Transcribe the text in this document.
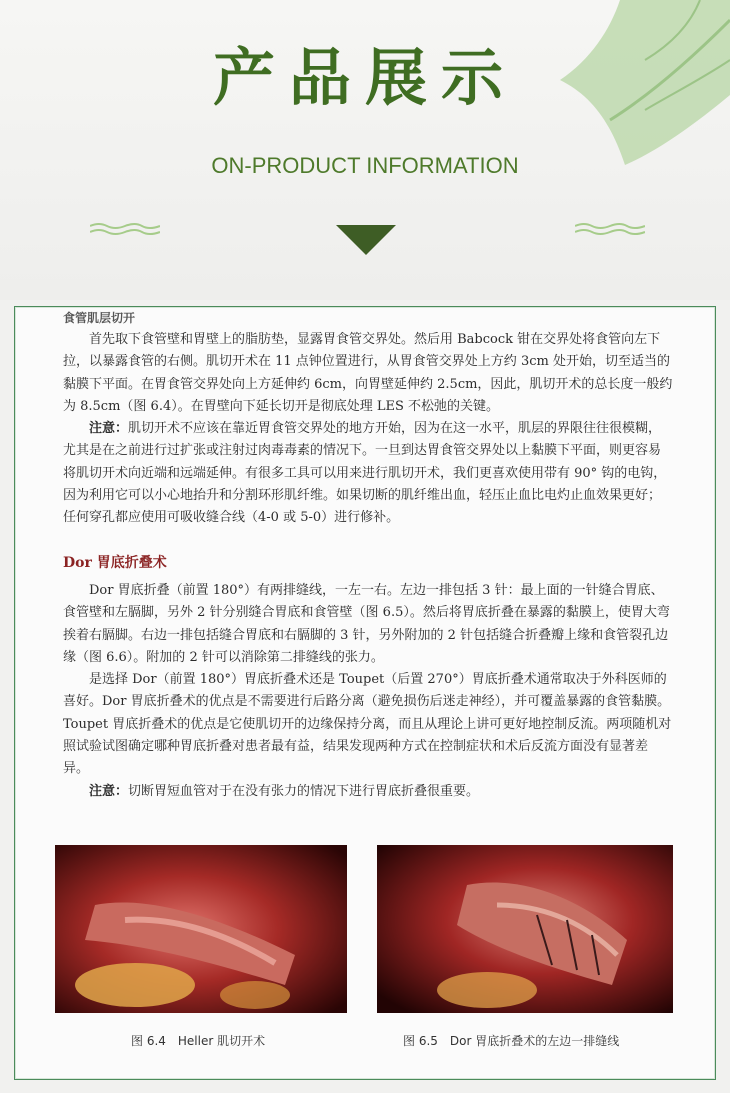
产品展示
ON-PRODUCT INFORMATION
食管肌层切开

首先取下食管壁和胃壁上的脂肪垫，显露胃食管交界处。然后用 Babcock 钳在交界处将食管向左下拉，以暴露食管的右侧。肌切开术在 11 点钟位置进行，从胃食管交界处上方约 3cm 处开始，切至适当的黏膜下平面。在胃食管交界处向上方延伸约 6cm，向胃壁延伸约 2.5cm，因此，肌切开术的总长度一般约为 8.5cm（图 6.4）。在胃壁向下延长切开是彻底处理 LES 不松弛的关键。

注意：肌切开术不应该在靠近胃食管交界处的地方开始，因为在这一水平，肌层的界限往往很模糊，尤其是在之前进行过扩张或注射过肉毒毒素的情况下。一旦到达胃食管交界处以上黏膜下平面，则更容易将肌切开术向近端和远端延伸。有很多工具可以用来进行肌切开术，我们更喜欢使用带有 90° 钩的电钩，因为利用它可以小心地抬升和分割环形肌纤维。如果切断的肌纤维出血，轻压止血比电灼止血效果更好；任何穿孔都应使用可吸收缝合线（4-0 或 5-0）进行修补。

Dor 胃底折叠术

Dor 胃底折叠（前置 180°）有两排缝线，一左一右。左边一排包括 3 针：最上面的一针缝合胃底、食管壁和左膈脚，另外 2 针分别缝合胃底和食管壁（图 6.5）。然后将胃底折叠在暴露的黏膜上，使胃大弯挨着右膈脚。右边一排包括缝合胃底和右膈脚的 3 针，另外附加的 2 针包括缝合折叠瓣上缘和食管裂孔边缘（图 6.6）。附加的 2 针可以消除第二排缝线的张力。

是选择 Dor（前置 180°）胃底折叠术还是 Toupet（后置 270°）胃底折叠术通常取决于外科医师的喜好。Dor 胃底折叠术的优点是不需要进行后路分离（避免损伤后迷走神经），并可覆盖暴露的食管黏膜。Toupet 胃底折叠术的优点是它使肌切开的边缘保持分离，而且从理论上讲可更好地控制反流。两项随机对照试验试图确定哪种胃底折叠对患者最有益，结果发现两种方式在控制症状和术后反流方面没有显著差异。

注意：切断胃短血管对于在没有张力的情况下进行胃底折叠很重要。

图 6.4　Heller 肌切开术	图 6.5　Dor 胃底折叠术的左边一排缝线
